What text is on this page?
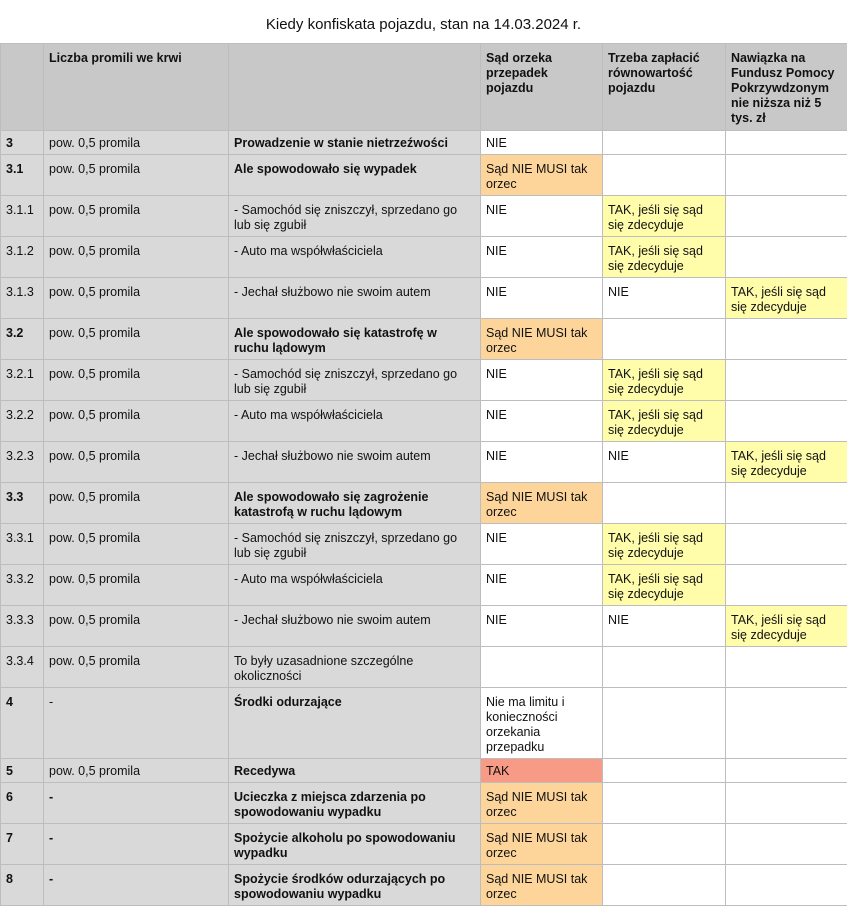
Kiedy konfiskata pojazdu, stan na 14.03.2024 r.
	Liczba promili we krwi		Sąd orzeka przepadek pojazdu	Trzeba zapłacić równowartość pojazdu	Nawiązka na Fundusz Pomocy Pokrzywdzonym nie niższa niż 5 tys. zł
3	pow. 0,5 promila	Prowadzenie w stanie nietrzeźwości	NIE		
3.1	pow. 0,5 promila	Ale spowodowało się wypadek	Sąd NIE MUSI tak orzec		
3.1.1	pow. 0,5 promila	- Samochód się zniszczył, sprzedano go lub się zgubił	NIE	TAK, jeśli się sąd się zdecyduje	
3.1.2	pow. 0,5 promila	- Auto ma współwłaściciela	NIE	TAK, jeśli się sąd się zdecyduje	
3.1.3	pow. 0,5 promila	- Jechał służbowo nie swoim autem	NIE	NIE	TAK, jeśli się sąd się zdecyduje
3.2	pow. 0,5 promila	Ale spowodowało się katastrofę w ruchu lądowym	Sąd NIE MUSI tak orzec		
3.2.1	pow. 0,5 promila	- Samochód się zniszczył, sprzedano go lub się zgubił	NIE	TAK, jeśli się sąd się zdecyduje	
3.2.2	pow. 0,5 promila	- Auto ma współwłaściciela	NIE	TAK, jeśli się sąd się zdecyduje	
3.2.3	pow. 0,5 promila	- Jechał służbowo nie swoim autem	NIE	NIE	TAK, jeśli się sąd się zdecyduje
3.3	pow. 0,5 promila	Ale spowodowało się zagrożenie katastrofą w ruchu lądowym	Sąd NIE MUSI tak orzec		
3.3.1	pow. 0,5 promila	- Samochód się zniszczył, sprzedano go lub się zgubił	NIE	TAK, jeśli się sąd się zdecyduje	
3.3.2	pow. 0,5 promila	- Auto ma współwłaściciela	NIE	TAK, jeśli się sąd się zdecyduje	
3.3.3	pow. 0,5 promila	- Jechał służbowo nie swoim autem	NIE	NIE	TAK, jeśli się sąd się zdecyduje
3.3.4	pow. 0,5 promila	To były uzasadnione szczególne okoliczności			
4	-	Środki odurzające	Nie ma limitu i konieczności orzekania przepadku		
5	pow. 0,5 promila	Recedywa	TAK		
6	-	Ucieczka z miejsca zdarzenia po spowodowaniu wypadku	Sąd NIE MUSI tak orzec		
7	-	Spożycie alkoholu po spowodowaniu wypadku	Sąd NIE MUSI tak orzec		
8	-	Spożycie środków odurzających po spowodowaniu wypadku	Sąd NIE MUSI tak orzec		
